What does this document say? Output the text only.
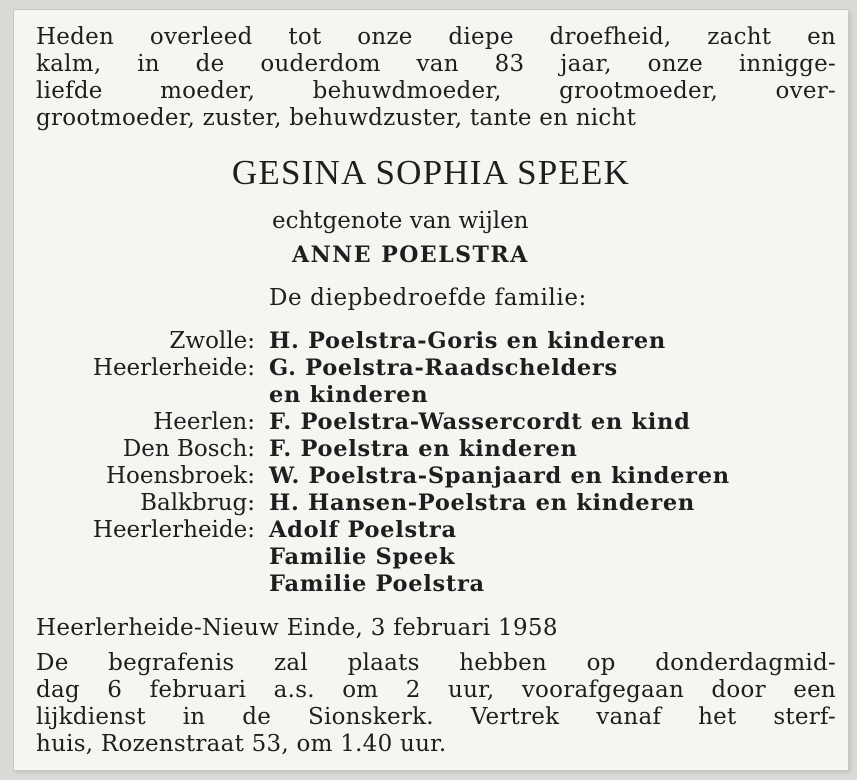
Heden overleed tot onze diepe droefheid, zacht en
kalm, in de ouderdom van 83 jaar, onze innigge-
liefde moeder, behuwdmoeder, grootmoeder, over-
grootmoeder, zuster, behuwdzuster, tante en nicht

GESINA SOPHIA SPEEK

echtgenote van wijlen

ANNE POELSTRA

De diepbedroefde familie:

Zwolle: H. Poelstra-Goris en kinderen
Heerlerheide: G. Poelstra-Raadschelders
en kinderen
Heerlen: F. Poelstra-Wassercordt en kind
Den Bosch: F. Poelstra en kinderen
Hoensbroek: W. Poelstra-Spanjaard en kinderen
Balkbrug: H. Hansen-Poelstra en kinderen
Heerlerheide: Adolf Poelstra
Familie Speek
Familie Poelstra

Heerlerheide-Nieuw Einde, 3 februari 1958

De begrafenis zal plaats hebben op donderdagmid-
dag 6 februari a.s. om 2 uur, voorafgegaan door een
lijkdienst in de Sionskerk. Vertrek vanaf het sterf-
huis, Rozenstraat 53, om 1.40 uur.
